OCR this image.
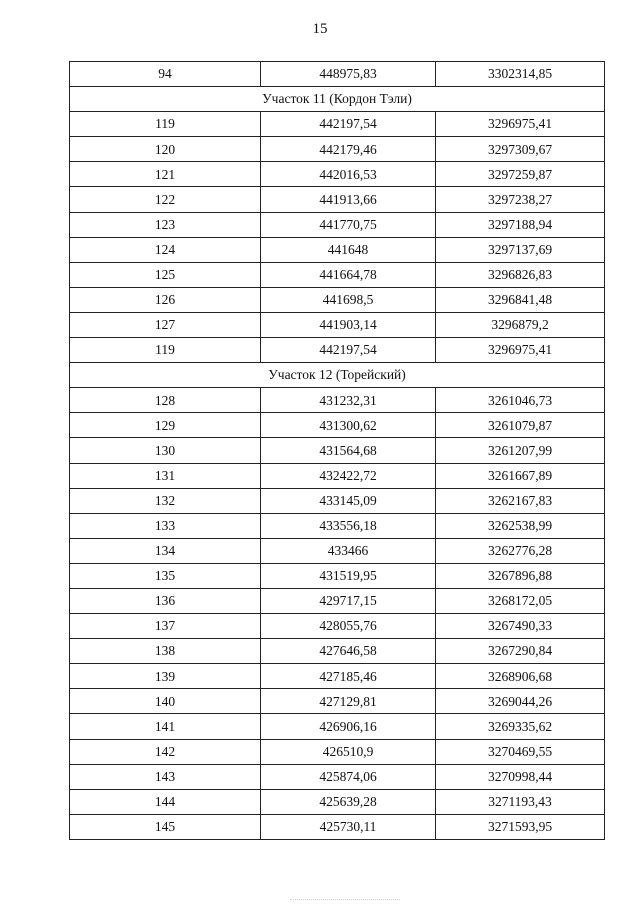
15
94	448975,83	3302314,85
Участок 11 (Кордон Тэли)		
119	442197,54	3296975,41
120	442179,46	3297309,67
121	442016,53	3297259,87
122	441913,66	3297238,27
123	441770,75	3297188,94
124	441648	3297137,69
125	441664,78	3296826,83
126	441698,5	3296841,48
127	441903,14	3296879,2
119	442197,54	3296975,41
Участок 12 (Торейский)		
128	431232,31	3261046,73
129	431300,62	3261079,87
130	431564,68	3261207,99
131	432422,72	3261667,89
132	433145,09	3262167,83
133	433556,18	3262538,99
134	433466	3262776,28
135	431519,95	3267896,88
136	429717,15	3268172,05
137	428055,76	3267490,33
138	427646,58	3267290,84
139	427185,46	3268906,68
140	427129,81	3269044,26
141	426906,16	3269335,62
142	426510,9	3270469,55
143	425874,06	3270998,44
144	425639,28	3271193,43
145	425730,11	3271593,95
